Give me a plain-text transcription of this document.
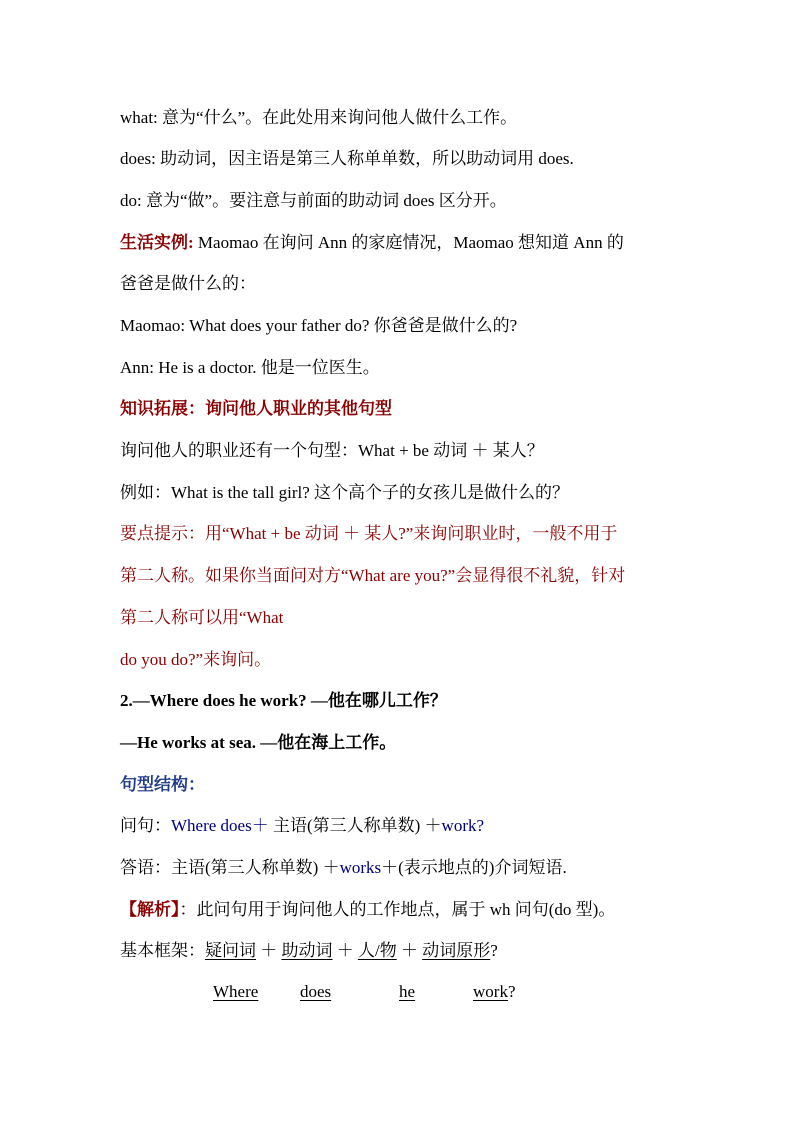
what: 意为“什么”。在此处用来询问他人做什么工作。
does: 助动词，因主语是第三人称单单数，所以助动词用 does.
do: 意为“做”。要注意与前面的助动词 does 区分开。
生活实例: Maomao 在询问 Ann 的家庭情况，Maomao 想知道 Ann 的
爸爸是做什么的：
Maomao: What does your father do? 你爸爸是做什么的?
Ann: He is a doctor. 他是一位医生。
知识拓展：询问他人职业的其他句型
询问他人的职业还有一个句型：What + be 动词 ＋ 某人？
例如：What is the tall girl? 这个高个子的女孩儿是做什么的？
要点提示：用“What + be 动词 ＋ 某人?”来询问职业时，一般不用于
第二人称。如果你当面问对方“What are you?”会显得很不礼貌，针对
第二人称可以用“What
do you do?”来询问。
2.—Where does he work? —他在哪儿工作？
—He works at sea. —他在海上工作。
句型结构：
问句：Where does＋ 主语(第三人称单数) ＋work?
答语：主语(第三人称单数) ＋works＋(表示地点的)介词短语.
【解析】：此问句用于询问他人的工作地点，属于 wh 问句(do 型)。
基本框架：疑问词 ＋ 助动词 ＋ 人/物 ＋ 动词原形?
Where does	he	work?
